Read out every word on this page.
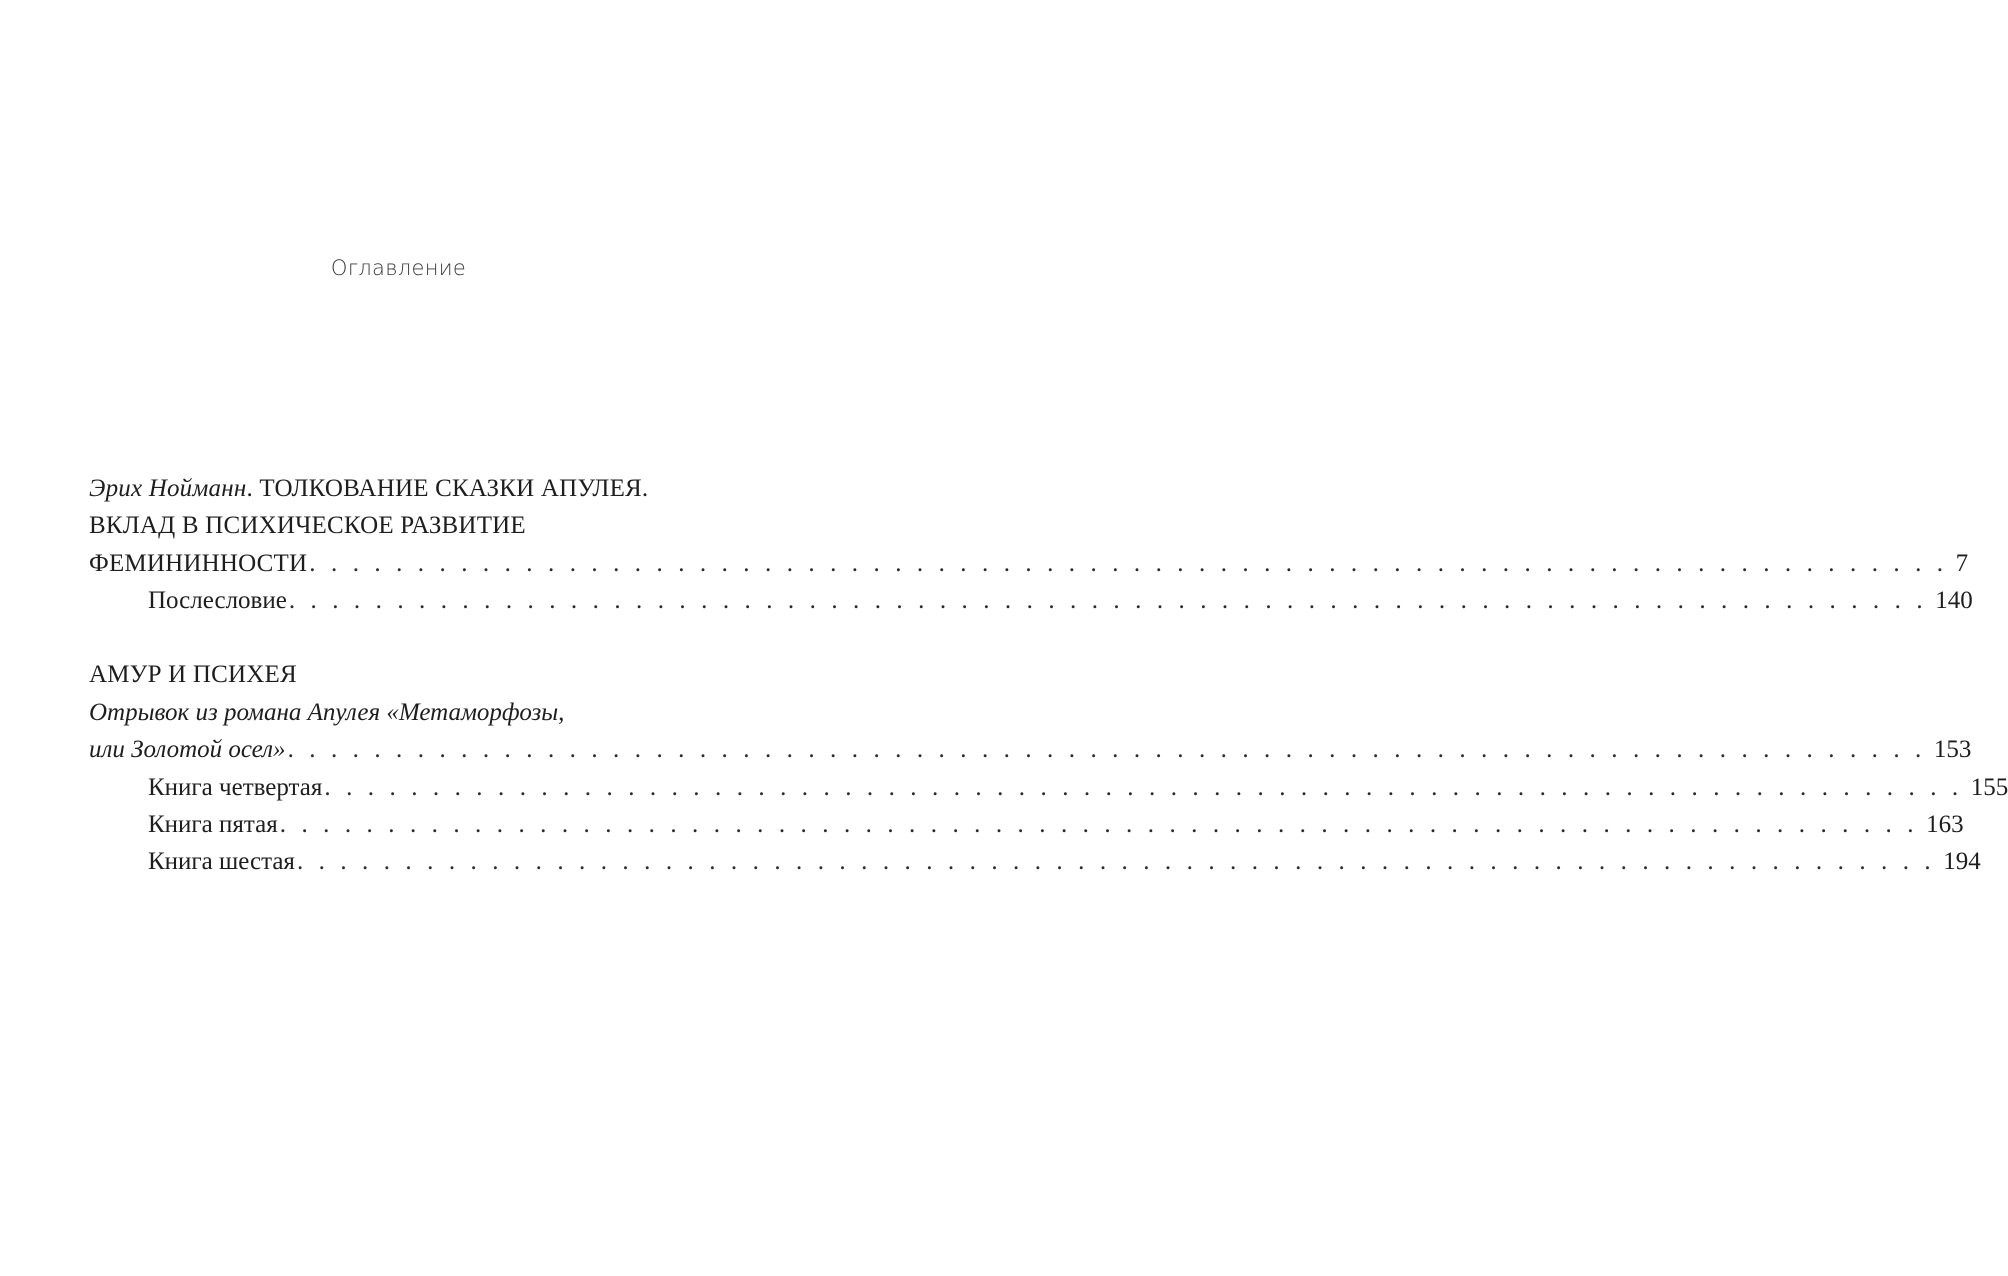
Оглавление
Эрих Нойманн. ТОЛКОВАНИЕ СКАЗКИ АПУЛЕЯ.
ВКЛАД В ПСИХИЧЕСКОЕ РАЗВИТИЕ
ФЕМИНИННОСТИ . . . . . . . . . . . . . . . . . . . . . . . . . . . . . . . . . . . . . . . . . . . . . . . . . . . . . . . . . . . . . . . . . . . . . . . . . . . . 7
Послесловие . . . . . . . . . . . . . . . . . . . . . . . . . . . . . . . . . . . . . . . . . . . . . . . . . . . . . . . . . . . . . . . . . . . . . . . . . . . . 140
АМУР И ПСИХЕЯ
Отрывок из романа Апулея «Метаморфозы,
или Золотой осел» . . . . . . . . . . . . . . . . . . . . . . . . . . . . . . . . . . . . . . . . . . . . . . . . . . . . . . . . . . . . . . . . . . . . . . . . . . . . 153
Книга четвертая . . . . . . . . . . . . . . . . . . . . . . . . . . . . . . . . . . . . . . . . . . . . . . . . . . . . . . . . . . . . . . . . . . . . . . . . . . . . 155
Книга пятая . . . . . . . . . . . . . . . . . . . . . . . . . . . . . . . . . . . . . . . . . . . . . . . . . . . . . . . . . . . . . . . . . . . . . . . . . . . . 163
Книга шестая . . . . . . . . . . . . . . . . . . . . . . . . . . . . . . . . . . . . . . . . . . . . . . . . . . . . . . . . . . . . . . . . . . . . . . . . . . . . 194
